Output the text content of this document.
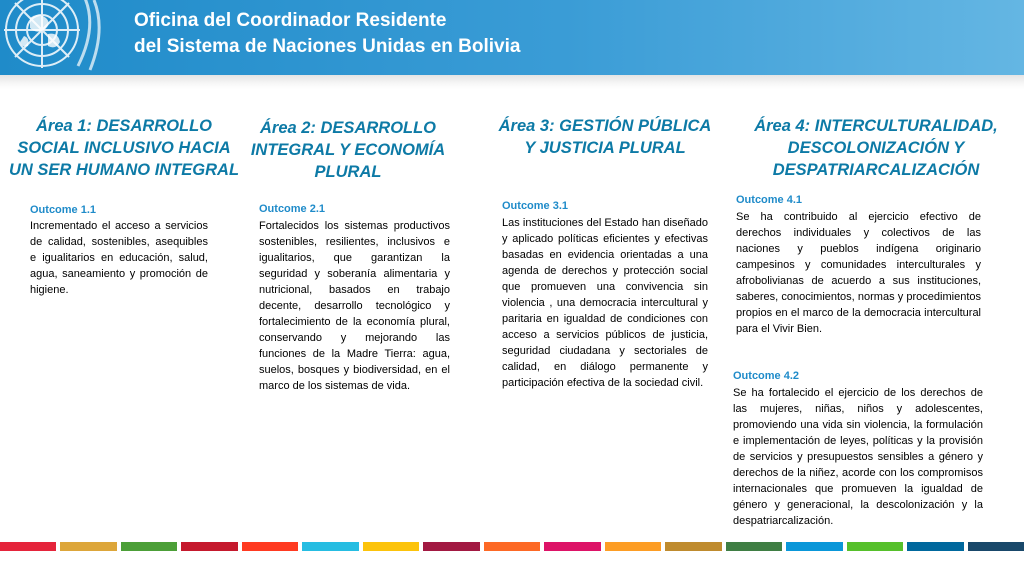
Oficina del Coordinador Residente
del Sistema de Naciones Unidas en Bolivia
Área 1: DESARROLLO SOCIAL INCLUSIVO HACIA UN SER HUMANO INTEGRAL
Outcome 1.1

Incrementado el acceso a servicios de calidad, sostenibles, asequibles e igualitarios en educación, salud, agua, saneamiento y promoción de higiene.

Área 2: DESARROLLO INTEGRAL Y ECONOMÍA PLURAL
Outcome 2.1

Fortalecidos los sistemas productivos sostenibles, resilientes, inclusivos e igualitarios, que garantizan la seguridad y soberanía alimentaria y nutricional, basados en trabajo decente, desarrollo tecnológico y fortalecimiento de la economía plural, conservando y mejorando las funciones de la Madre Tierra: agua, suelos, bosques y biodiversidad, en el marco de los sistemas de vida.

Área 3: GESTIÓN PÚBLICA Y JUSTICIA PLURAL
Outcome 3.1

Las instituciones del Estado han diseñado y aplicado políticas eficientes y efectivas basadas en evidencia orientadas a una agenda de derechos y protección social que promueven una convivencia sin violencia , una democracia intercultural y paritaria en igualdad de condiciones con acceso a servicios públicos de justicia, seguridad ciudadana y sectoriales de calidad, en diálogo permanente y participación efectiva de la sociedad civil.

Área 4: INTERCULTURALIDAD, DESCOLONIZACIÓN Y DESPATRIARCALIZACIÓN
Outcome 4.1

Se ha contribuido al ejercicio efectivo de derechos individuales y colectivos de las naciones y pueblos indígena originario campesinos y comunidades interculturales y afrobolivianas de acuerdo a sus instituciones, saberes, conocimientos, normas y procedimientos propios en el marco de la democracia intercultural para el Vivir Bien.

Outcome 4.2

Se ha fortalecido el ejercicio de los derechos de las mujeres, niñas, niños y adolescentes, promoviendo una vida sin violencia, la formulación e implementación de leyes, políticas y la provisión de servicios y presupuestos sensibles a género y derechos de la niñez, acorde con los compromisos internacionales que promueven la igualdad de género y generacional, la descolonización y la despatriarcalización.
